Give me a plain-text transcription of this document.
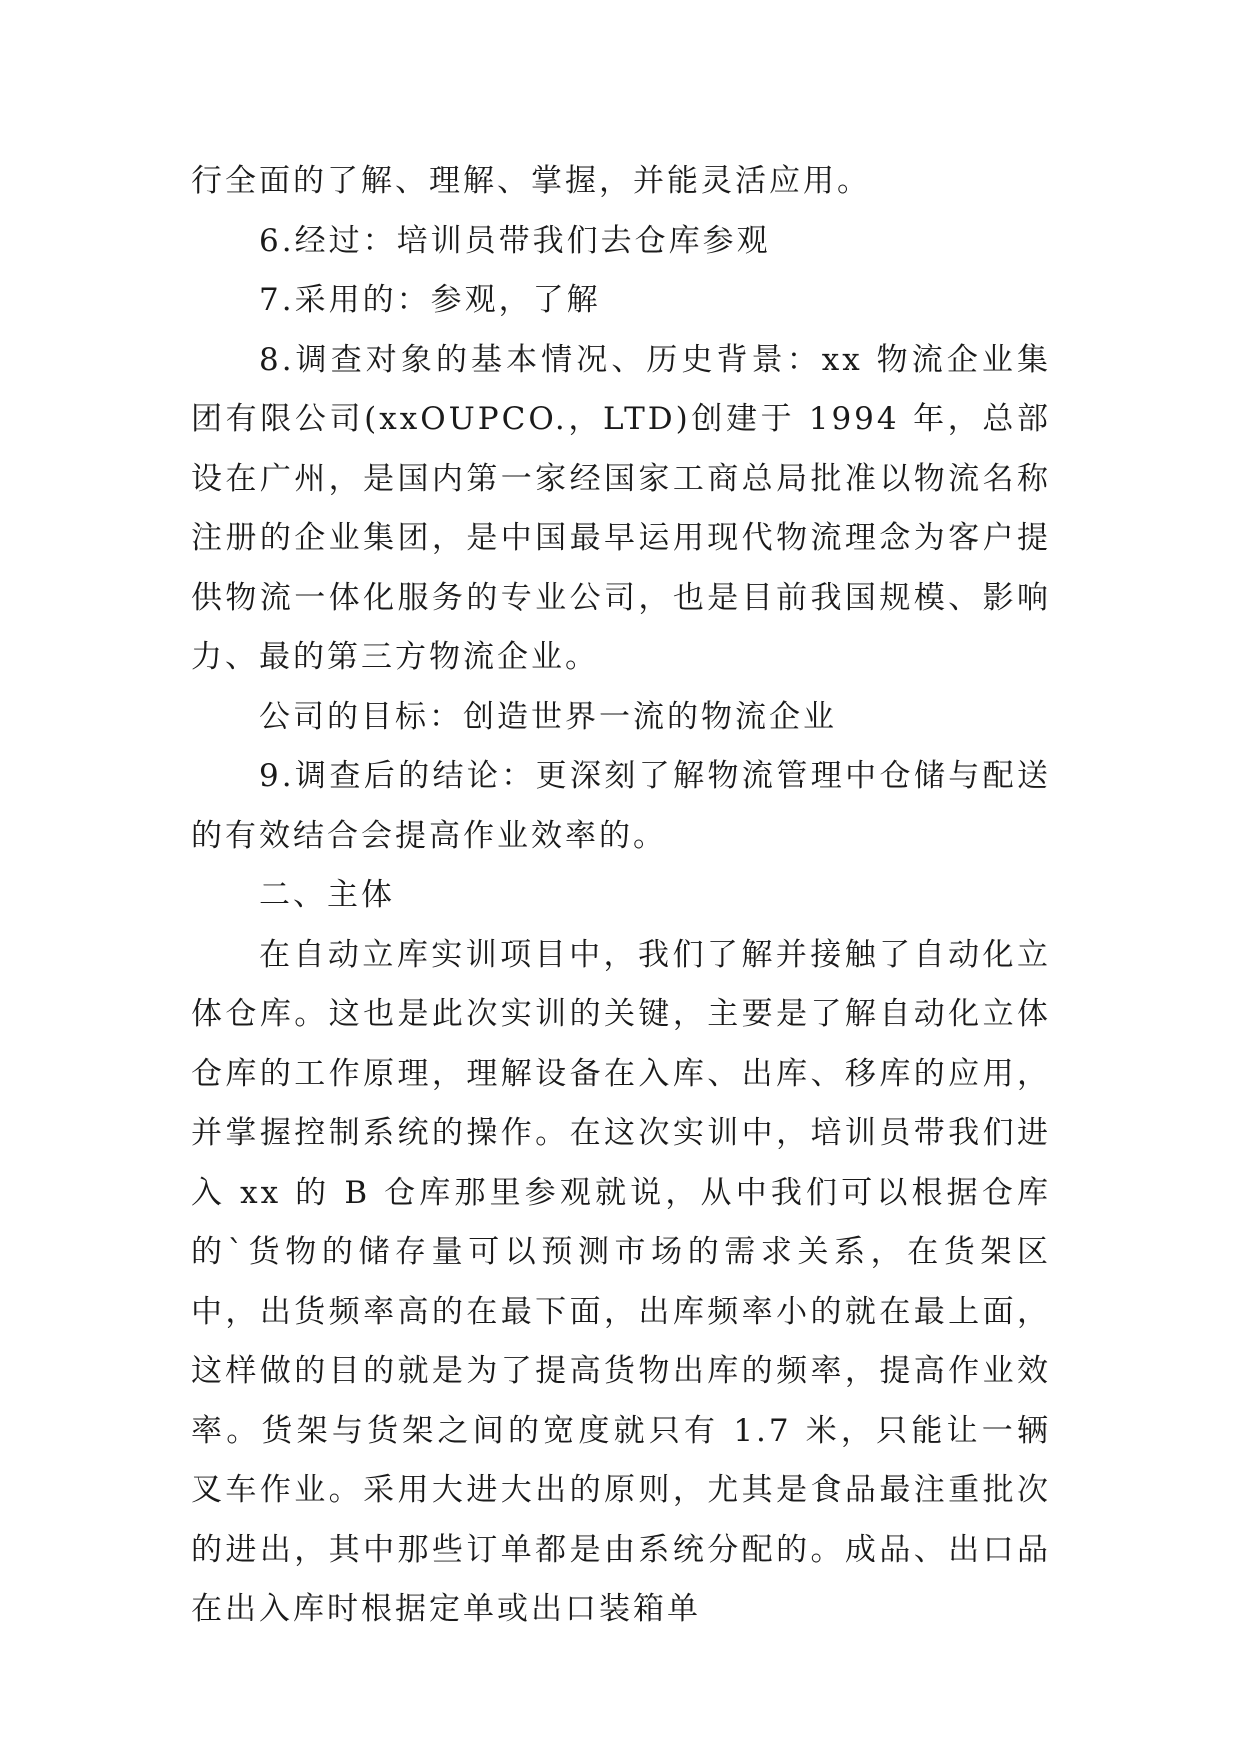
行全面的了解、理解、掌握，并能灵活应用。

6.经过：培训员带我们去仓库参观

7.采用的：参观，了解

8.调查对象的基本情况、历史背景：xx 物流企业集团有限公司(xxOUPCO.，LTD)创建于 1994 年，总部设在广州，是国内第一家经国家工商总局批准以物流名称注册的企业集团，是中国最早运用现代物流理念为客户提供物流一体化服务的专业公司，也是目前我国规模、影响力、最的第三方物流企业。

公司的目标：创造世界一流的物流企业

9.调查后的结论：更深刻了解物流管理中仓储与配送的有效结合会提高作业效率的。

二、主体

在自动立库实训项目中，我们了解并接触了自动化立体仓库。这也是此次实训的关键，主要是了解自动化立体仓库的工作原理，理解设备在入库、出库、移库的应用，并掌握控制系统的操作。在这次实训中，培训员带我们进入 xx 的 B 仓库那里参观就说，从中我们可以根据仓库的`货物的储存量可以预测市场的需求关系，在货架区中，出货频率高的在最下面，出库频率小的就在最上面，这样做的目的就是为了提高货物出库的频率，提高作业效率。货架与货架之间的宽度就只有 1.7 米，只能让一辆叉车作业。采用大进大出的原则，尤其是食品最注重批次的进出，其中那些订单都是由系统分配的。成品、出口品在出入库时根据定单或出口装箱单
